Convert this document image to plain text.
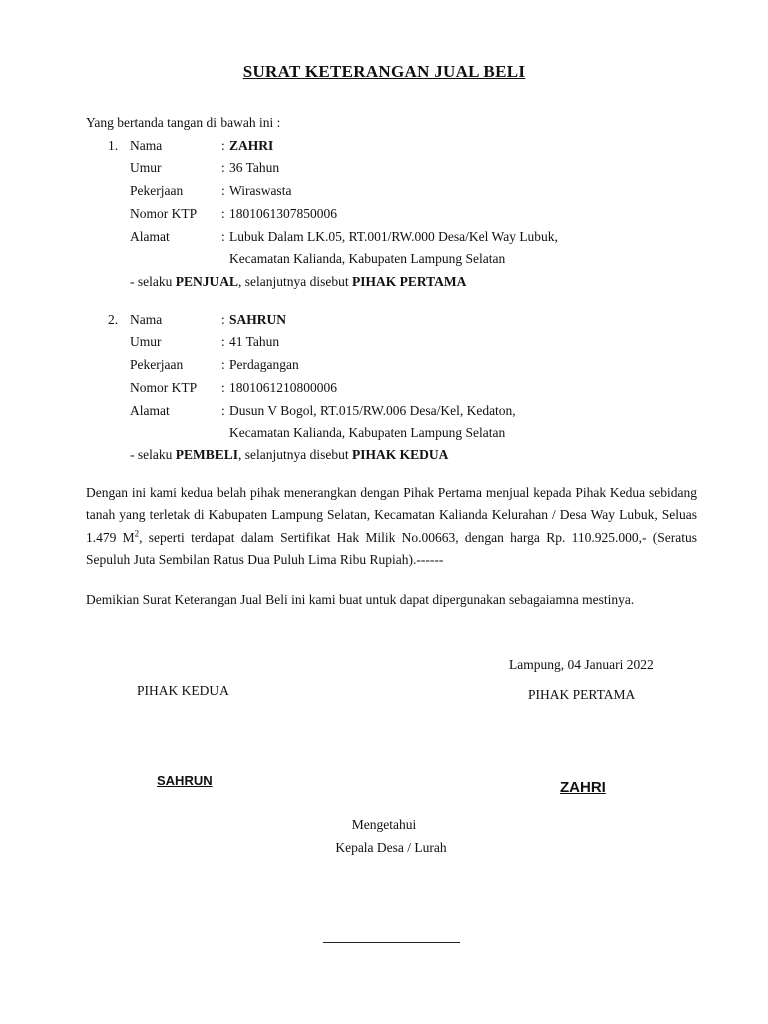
SURAT KETERANGAN JUAL BELI
Yang bertanda tangan di bawah ini :
1. Nama	: ZAHRI
Umur	: 36 Tahun
Pekerjaan	: Wiraswasta
Nomor KTP : 1801061307850006
Alamat	: Lubuk Dalam LK.05, RT.001/RW.000 Desa/Kel Way Lubuk,
Kecamatan Kalianda, Kabupaten Lampung Selatan
- selaku PENJUAL, selanjutnya disebut PIHAK PERTAMA
2. Nama	: SAHRUN
Umur	: 41 Tahun
Pekerjaan	: Perdagangan
Nomor KTP : 1801061210800006
Alamat	: Dusun V Bogol, RT.015/RW.006 Desa/Kel, Kedaton,
Kecamatan Kalianda, Kabupaten Lampung Selatan
- selaku PEMBELI, selanjutnya disebut PIHAK KEDUA
Dengan ini kami kedua belah pihak menerangkan dengan Pihak Pertama menjual kepada Pihak Kedua sebidang tanah yang terletak di Kabupaten Lampung Selatan, Kecamatan Kalianda Kelurahan / Desa Way Lubuk, Seluas 1.479 $M^2$, seperti terdapat dalam Sertifikat Hak Milik No.00663, dengan harga Rp. 110.925.000,- (Seratus Sepuluh Juta Sembilan Ratus Dua Puluh Lima Ribu Rupiah).------
Demikian Surat Keterangan Jual Beli ini kami buat untuk dapat dipergunakan sebagaiamna mestinya.
Lampung, 04 Januari 2022
PIHAK KEDUA	PIHAK PERTAMA
SAHRUN	ZAHRI
Mengetahui
Kepala Desa / Lurah
